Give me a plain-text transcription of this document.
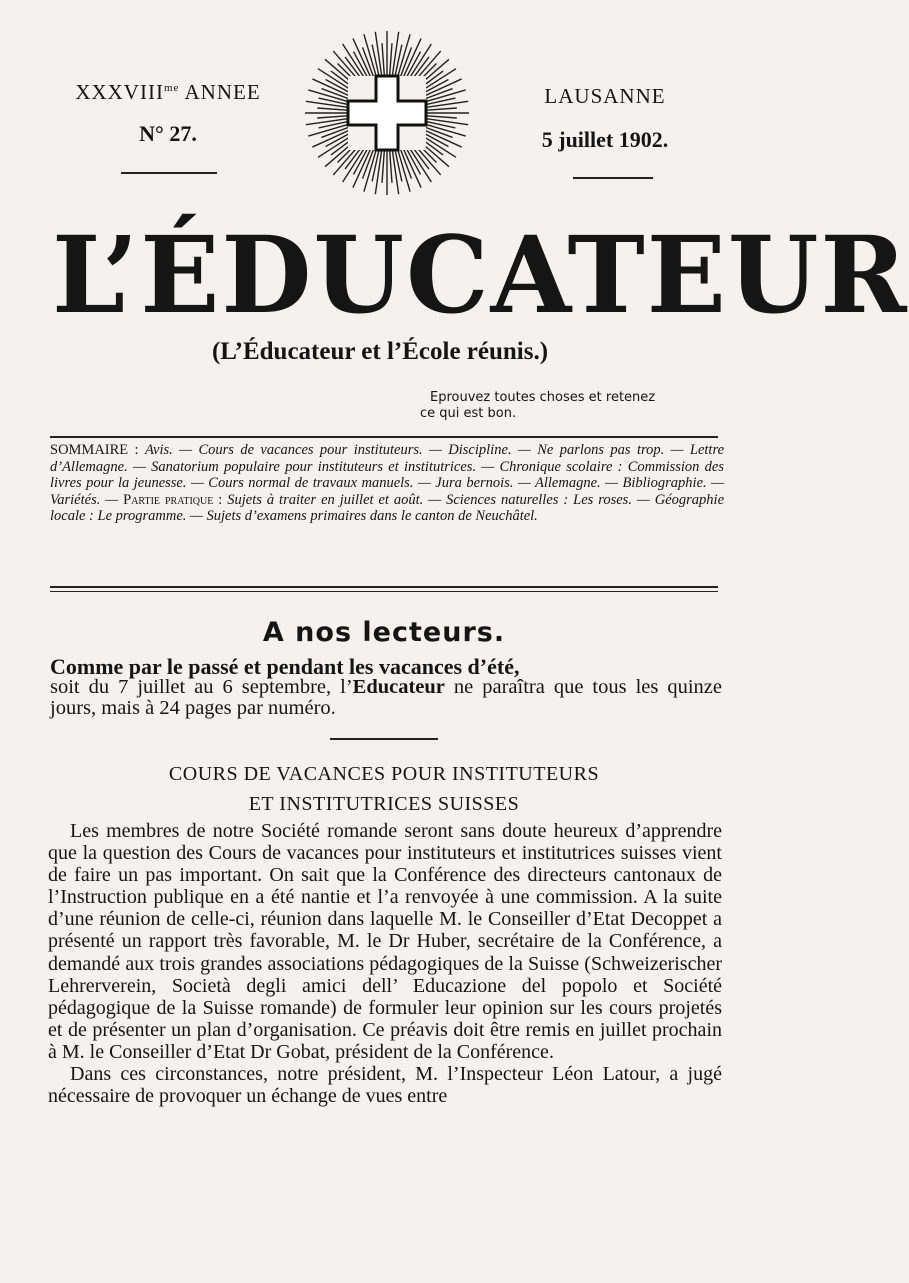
$XXXVIII^{me}$ ANNEE
N° 27.
LAUSANNE
5 juillet 1902.
L’ÉDUCATEUR
(L’Éducateur et l’École réunis.)
Eprouvez toutes choses et retenez
ce qui est bon.
SOMMAIRE : Avis. — Cours de vacances pour instituteurs. — Discipline. — Ne parlons pas trop. — Lettre d’Allemagne. — Sanatorium populaire pour instituteurs et institutrices. — Chronique scolaire : Commission des livres pour la jeunesse. — Cours normal de travaux manuels. — Jura bernois. — Allemagne. — Bibliographie. — Variétés. — Partie pratique : Sujets à traiter en juillet et août. — Sciences naturelles : Les roses. — Géographie locale : Le programme. — Sujets d’examens primaires dans le canton de Neuchâtel.
A nos lecteurs.
Comme par le passé et pendant les vacances d’été,
soit du 7 juillet au 6 septembre, l’Educateur ne paraîtra que tous les quinze jours, mais à 24 pages par numéro.
COURS DE VACANCES POUR INSTITUTEURS
ET INSTITUTRICES SUISSES

Les membres de notre Société romande seront sans doute heureux d’apprendre que la question des Cours de vacances pour instituteurs et institutrices suisses vient de faire un pas important. On sait que la Conférence des directeurs cantonaux de l’Instruction publique en a été nantie et l’a renvoyée à une commission. A la suite d’une réunion de celle-ci, réunion dans laquelle M. le Conseiller d’Etat Decoppet a présenté un rapport très favorable, M. le Dr Huber, secrétaire de la Conférence, a demandé aux trois grandes associations pédagogiques de la Suisse (Schweizerischer Lehrerverein, Società degli amici dell’ Educazione del popolo et Société pédagogique de la Suisse romande) de formuler leur opinion sur les cours projetés et de présenter un plan d’organisation. Ce préavis doit être remis en juillet prochain à M. le Conseiller d’Etat Dr Gobat, président de la Conférence.

Dans ces circonstances, notre président, M. l’Inspecteur Léon Latour, a jugé nécessaire de provoquer un échange de vues entre
